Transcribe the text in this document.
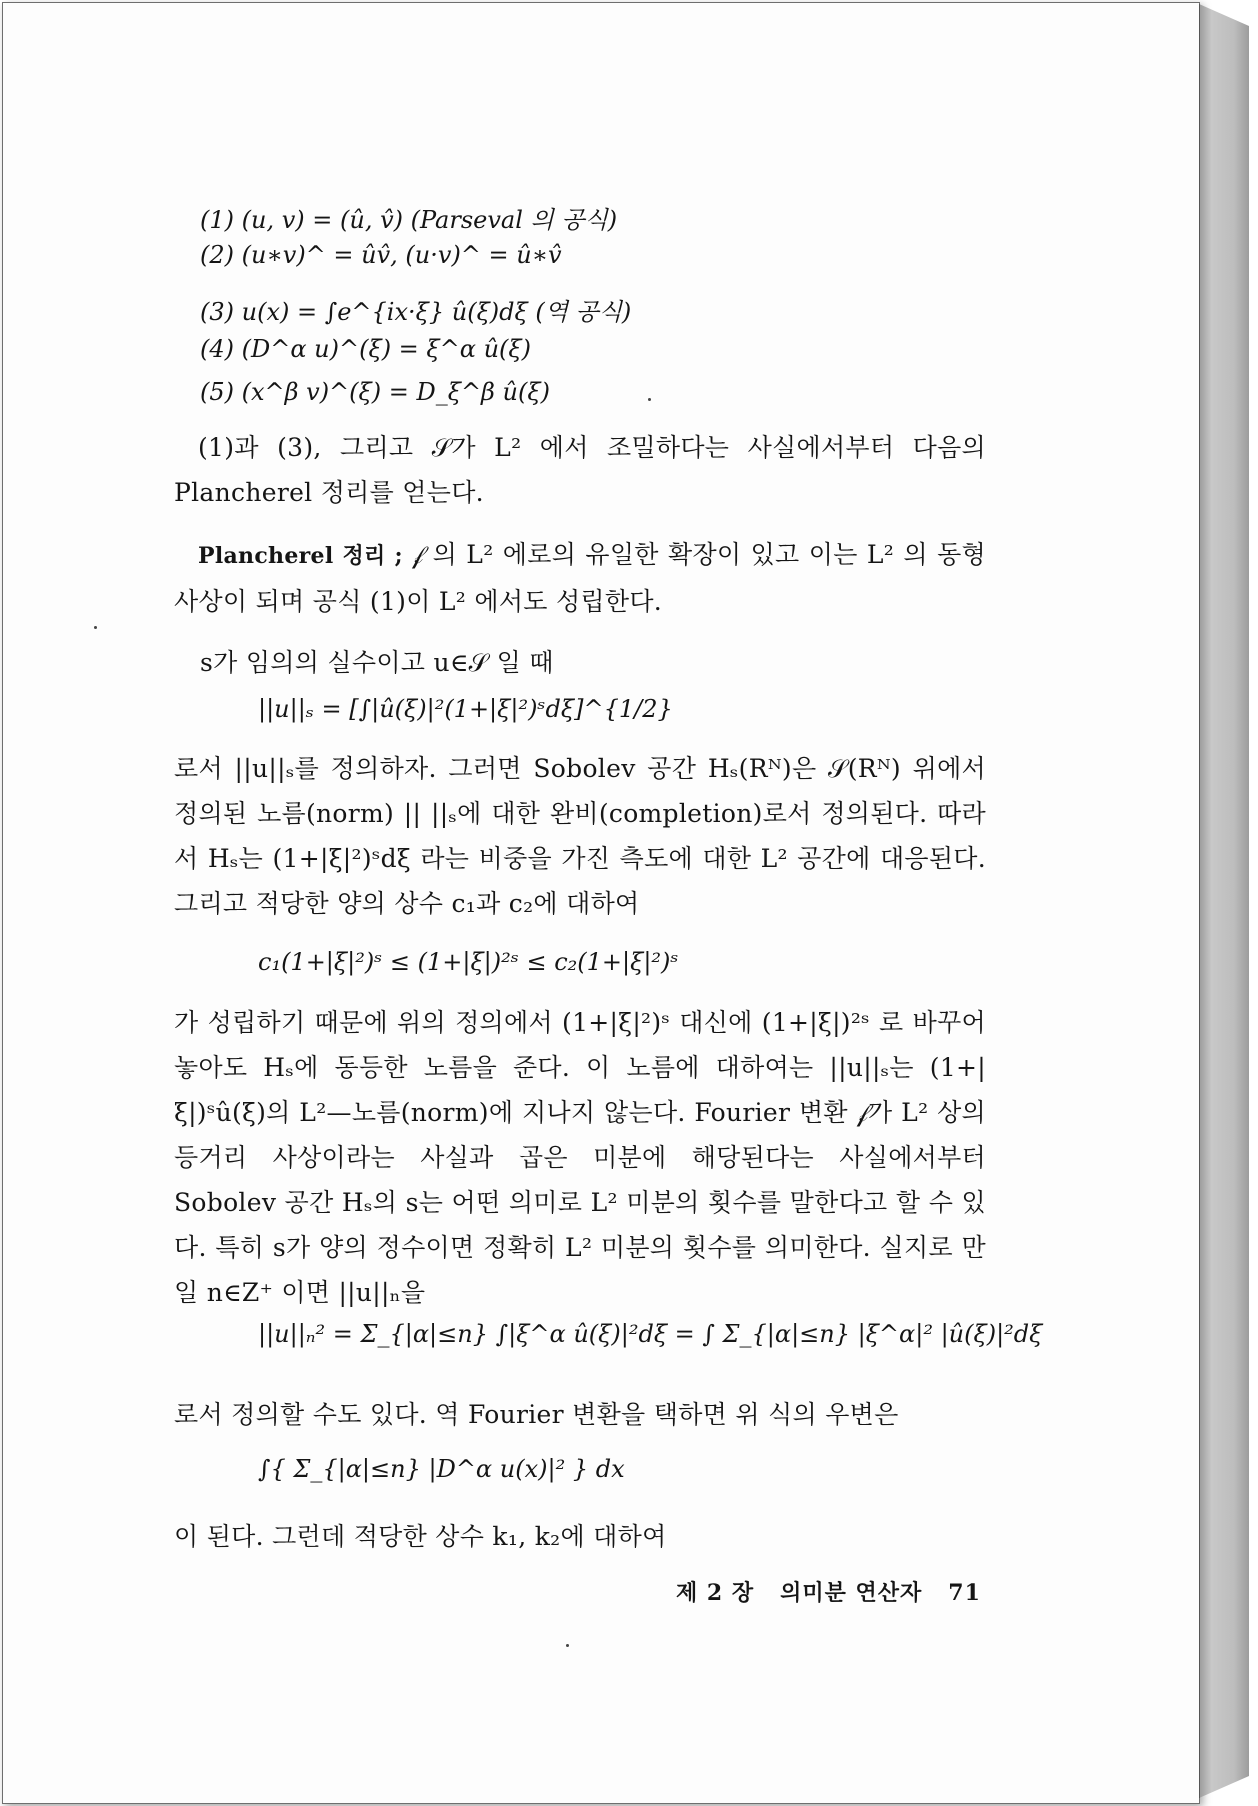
(1) (u, v) = (û, v̂) (Parseval 의 공식)
(2) (u∗v)^ = ûv̂, (u·v)^ = û∗v̂
(3) u(x) = ∫e^{ix·ξ} û(ξ)dξ (역 공식)
(4) (D^α u)^(ξ) = ξ^α û(ξ)
(5) (x^β v)^(ξ) = D_ξ^β û(ξ)
(1)과 (3), 그리고 𝒮가 L² 에서 조밀하다는 사실에서부터 다음의 Plancherel 정리를 얻는다.
Plancherel 정리 ; 𝒻 의 L² 에로의 유일한 확장이 있고 이는 L² 의 동형 사상이 되며 공식 (1)이 L² 에서도 성립한다.
s가 임의의 실수이고 u∈𝒮 일 때
||u||ₛ = [∫|û(ξ)|²(1+|ξ|²)ˢdξ]^{1/2}
로서 ||u||ₛ를 정의하자. 그러면 Sobolev 공간 Hₛ(Rᴺ)은 𝒮(Rᴺ) 위에서 정의된 노름(norm) || ||ₛ에 대한 완비(completion)로서 정의된다. 따라서 Hₛ는 (1+|ξ|²)ˢdξ 라는 비중을 가진 측도에 대한 L² 공간에 대응된다. 그리고 적당한 양의 상수 c₁과 c₂에 대하여
c₁(1+|ξ|²)ˢ ≤ (1+|ξ|)²ˢ ≤ c₂(1+|ξ|²)ˢ
가 성립하기 때문에 위의 정의에서 (1+|ξ|²)ˢ 대신에 (1+|ξ|)²ˢ 로 바꾸어 놓아도 Hₛ에 동등한 노름을 준다. 이 노름에 대하여는 ||u||ₛ는 (1+|ξ|)ˢû(ξ)의 L²—노름(norm)에 지나지 않는다. Fourier 변환 𝒻가 L² 상의 등거리 사상이라는 사실과 곱은 미분에 해당된다는 사실에서부터 Sobolev 공간 Hₛ의 s는 어떤 의미로 L² 미분의 횟수를 말한다고 할 수 있다. 특히 s가 양의 정수이면 정확히 L² 미분의 횟수를 의미한다. 실지로 만일 n∈Z⁺ 이면 ||u||ₙ을
||u||ₙ² = Σ_{|α|≤n} ∫|ξ^α û(ξ)|²dξ = ∫ Σ_{|α|≤n} |ξ^α|² |û(ξ)|²dξ
로서 정의할 수도 있다. 역 Fourier 변환을 택하면 위 식의 우변은
∫{ Σ_{|α|≤n} |D^α u(x)|² } dx
이 된다. 그런데 적당한 상수 k₁, k₂에 대하여
제 2 장 의미분 연산자 71
